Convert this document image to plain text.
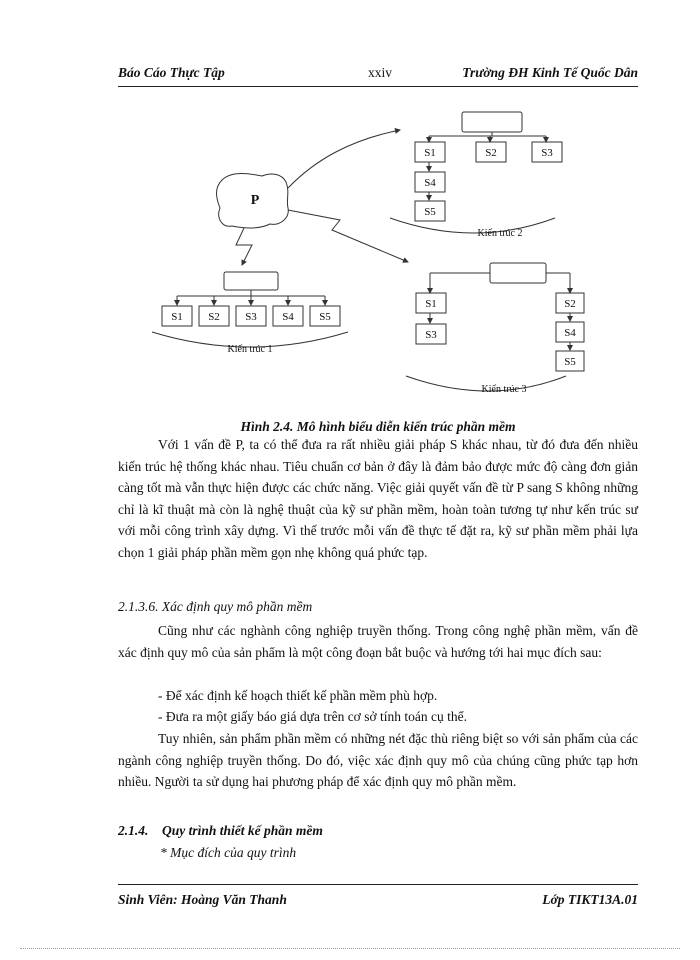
Báo Cáo Thực Tập	xxiv	Trường ĐH Kinh Tế Quốc Dân
P
S1 S2 S3 S4 S5
Kiến trúc 1
S1	S2	S3
S4
S5
Kiến trúc 2
S1
S3
S2
S4
S5
Kiến trúc 3
Hình 2.4. Mô hình biểu diễn kiến trúc phần mềm
Với 1 vấn đề P, ta có thể đưa ra rất nhiều giải pháp S khác nhau, từ đó đưa đến nhiều kiến trúc hệ thống khác nhau. Tiêu chuẩn cơ bản ở đây là đảm bảo được mức độ càng đơn giản càng tốt mà vẫn thực hiện được các chức năng. Việc giải quyết vấn đề từ P sang S không những chỉ là kĩ thuật mà còn là nghệ thuật của kỹ sư phần mềm, hoàn toàn tương tự như kến trúc sư với mỗi công trình xây dựng. Vì thế trước mỗi vấn đề thực tế đặt ra, kỹ sư phần mềm phải lựa chọn 1 giải pháp phần mềm gọn nhẹ không quá phức tạp.
2.1.3.6. Xác định quy mô phần mềm
Cũng như các nghành công nghiệp truyền thống. Trong công nghệ phần mềm, vấn đề xác định quy mô của sản phẩm là một công đoạn bắt buộc và hướng tới hai mục đích sau:
- Để xác định kế hoạch thiết kế phần mềm phù hợp.
- Đưa ra một giấy báo giá dựa trên cơ sở tính toán cụ thể.
Tuy nhiên, sản phẩm phần mềm có những nét đặc thù riêng biệt so với sản phẩm của các ngành công nghiệp truyền thống. Do đó, việc xác định quy mô của chúng cũng phức tạp hơn nhiều. Người ta sử dụng hai phương pháp để xác định quy mô phần mềm.
2.1.4. Quy trình thiết kế phần mềm
* Mục đích của quy trình
Sinh Viên: Hoàng Văn Thanh	Lớp TIKT13A.01
